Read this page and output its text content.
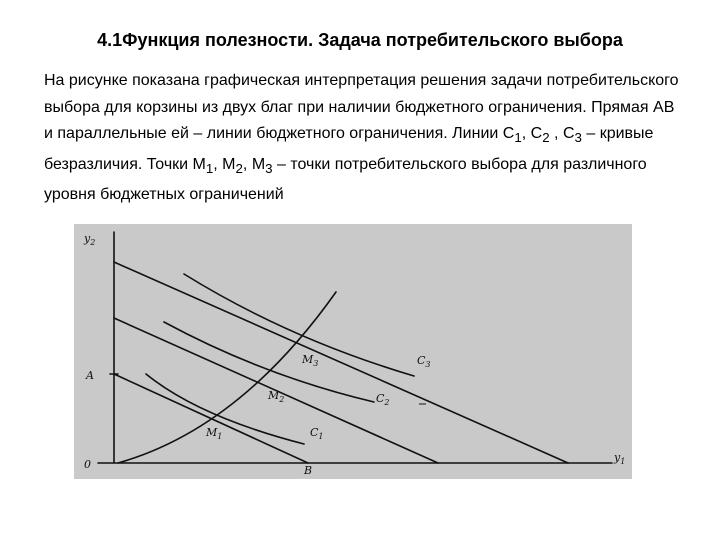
4.1Функция полезности. Задача потребительского выбора

На рисунке показана графическая интерпретация решения задачи потребительского выбора для корзины из двух благ при наличии бюджетного ограничения. Прямая АВ и параллельные ей – линии бюджетного ограничения. Линии $С_1$, $С_2$ , $С_3$ – кривые безразличия. Точки $М_1$, $М_2$, $М_3$ – точки потребительского выбора для различного уровня бюджетных ограничений

$y_2$
$y_1$
0
A
B
$M_1$
$M_2$
$M_3$
$C_1$
$C_2$
$C_3$
